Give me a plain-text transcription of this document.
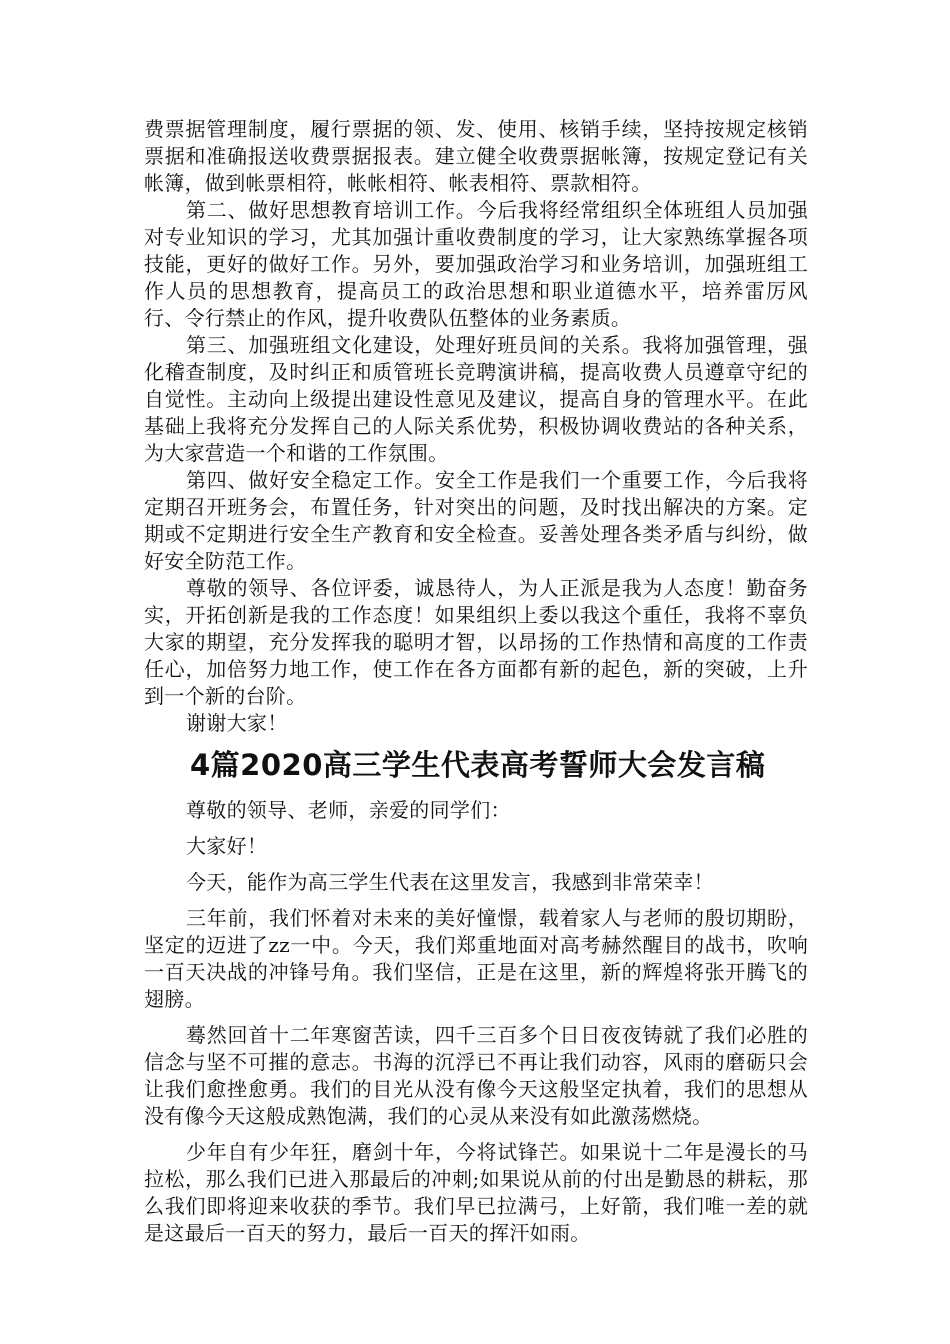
费票据管理制度，履行票据的领、发、使用、核销手续，坚持按规定核销票据和准确报送收费票据报表。建立健全收费票据帐簿，按规定登记有关帐簿，做到帐票相符，帐帐相符、帐表相符、票款相符。

第二、做好思想教育培训工作。今后我将经常组织全体班组人员加强对专业知识的学习，尤其加强计重收费制度的学习，让大家熟练掌握各项技能，更好的做好工作。另外，要加强政治学习和业务培训，加强班组工作人员的思想教育，提高员工的政治思想和职业道德水平，培养雷厉风行、令行禁止的作风，提升收费队伍整体的业务素质。

第三、加强班组文化建设，处理好班员间的关系。我将加强管理，强化稽查制度，及时纠正和质管班长竞聘演讲稿，提高收费人员遵章守纪的自觉性。主动向上级提出建设性意见及建议，提高自身的管理水平。在此基础上我将充分发挥自己的人际关系优势，积极协调收费站的各种关系，为大家营造一个和谐的工作氛围。

第四、做好安全稳定工作。安全工作是我们一个重要工作，今后我将定期召开班务会，布置任务，针对突出的问题，及时找出解决的方案。定期或不定期进行安全生产教育和安全检查。妥善处理各类矛盾与纠纷，做好安全防范工作。

尊敬的领导、各位评委，诚恳待人，为人正派是我为人态度！勤奋务实，开拓创新是我的工作态度！如果组织上委以我这个重任，我将不辜负大家的期望，充分发挥我的聪明才智，以昂扬的工作热情和高度的工作责任心，加倍努力地工作，使工作在各方面都有新的起色，新的突破，上升到一个新的台阶。

谢谢大家！

4篇2020高三学生代表高考誓师大会发言稿

尊敬的领导、老师，亲爱的同学们：

大家好！

今天，能作为高三学生代表在这里发言，我感到非常荣幸！

三年前，我们怀着对未来的美好憧憬，载着家人与老师的殷切期盼，坚定的迈进了zz一中。今天，我们郑重地面对高考赫然醒目的战书，吹响一百天决战的冲锋号角。我们坚信，正是在这里，新的辉煌将张开腾飞的翅膀。

蓦然回首十二年寒窗苦读，四千三百多个日日夜夜铸就了我们必胜的信念与坚不可摧的意志。书海的沉浮已不再让我们动容，风雨的磨砺只会让我们愈挫愈勇。我们的目光从没有像今天这般坚定执着，我们的思想从没有像今天这般成熟饱满，我们的心灵从来没有如此激荡燃烧。

少年自有少年狂，磨剑十年，今将试锋芒。如果说十二年是漫长的马拉松，那么我们已进入那最后的冲刺;如果说从前的付出是勤恳的耕耘，那么我们即将迎来收获的季节。我们早已拉满弓，上好箭，我们唯一差的就是这最后一百天的努力，最后一百天的挥汗如雨。
